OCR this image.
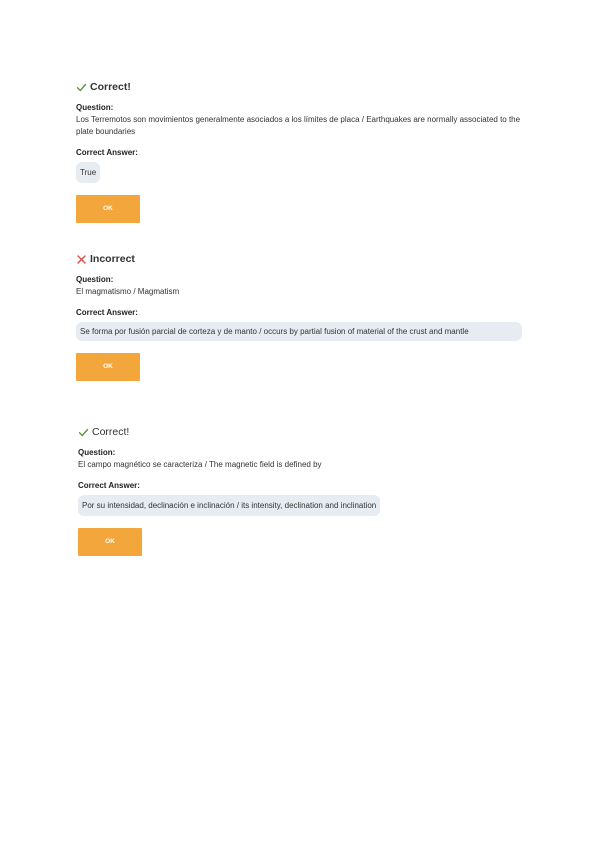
Correct!
Question:
Los Terremotos son movimientos generalmente asociados a los límites de placa / Earthquakes are normally associated to the plate boundaries
Correct Answer:
True
OK
Incorrect
Question:
El magmatismo / Magmatism
Correct Answer:
Se forma por fusión parcial de corteza y de manto / occurs by partial fusion of material of the crust and mantle
OK
Correct!
Question:
El campo magnético se caracteriza / The magnetic field is defined by
Correct Answer:
Por su intensidad, declinación e inclinación / its intensity, declination and inclination
OK
